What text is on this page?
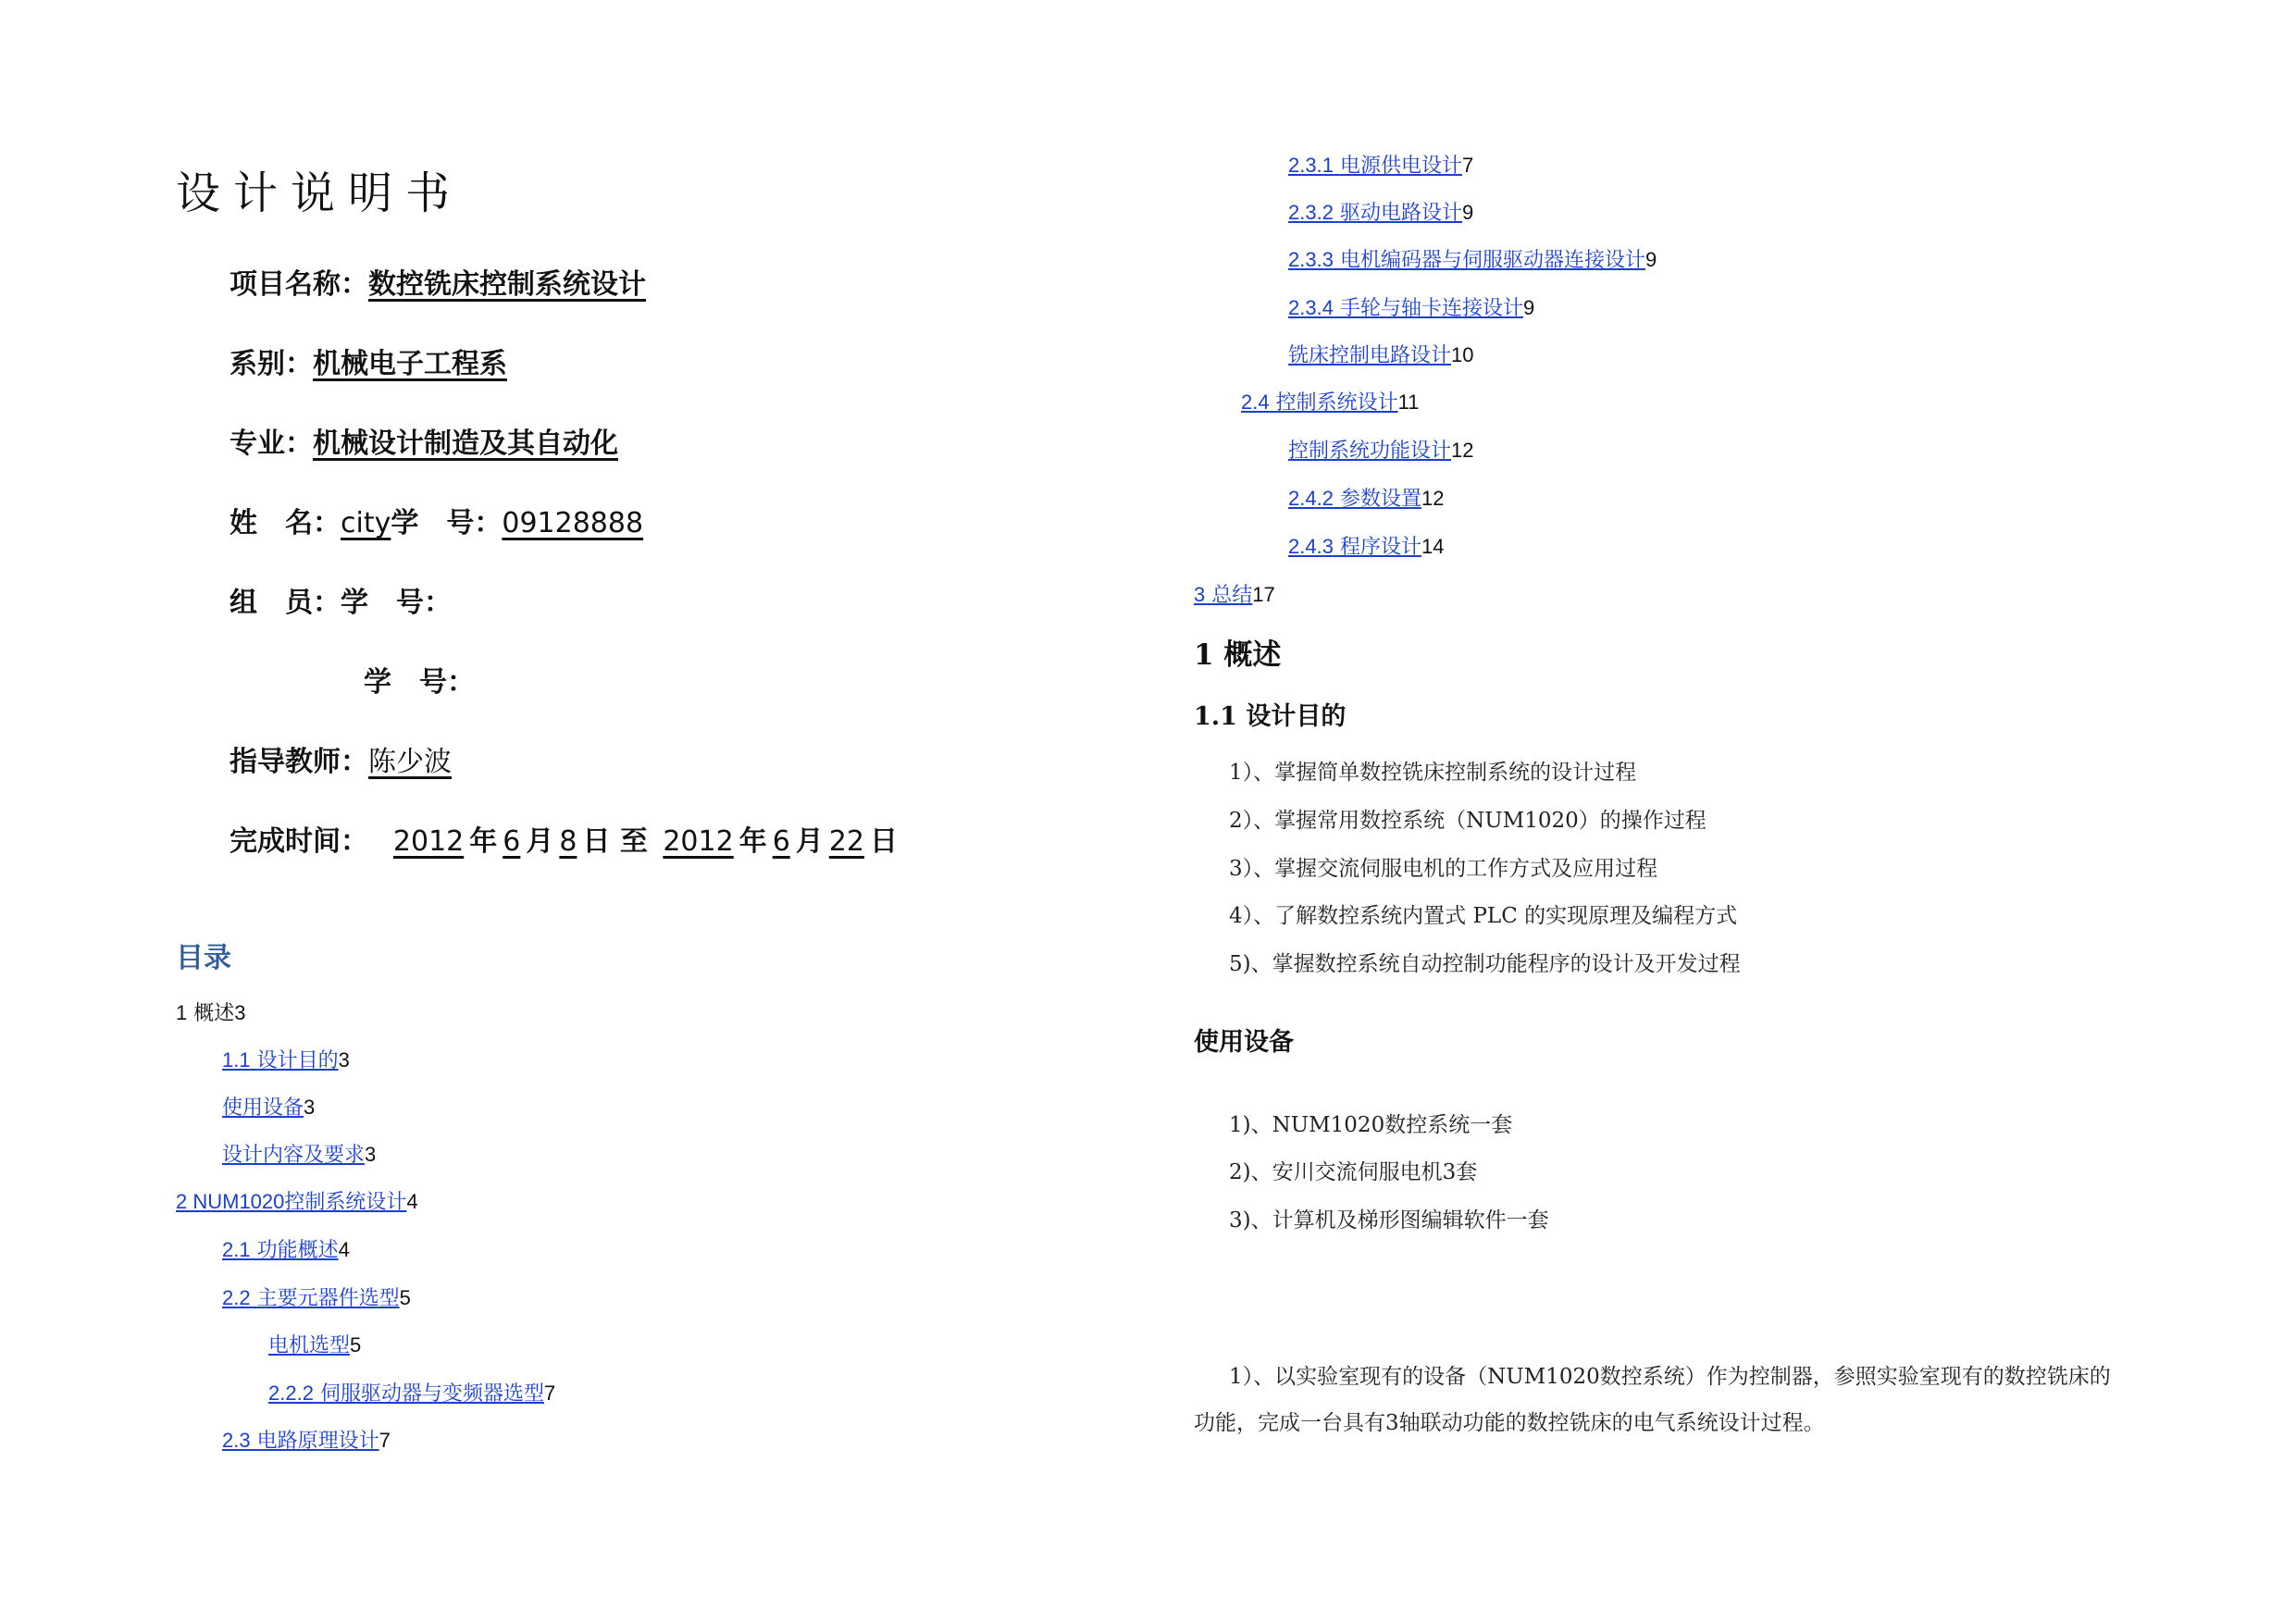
设计说明书
项目名称：数控铣床控制系统设计
系别：机械电子工程系
专业：机械设计制造及其自动化
姓　名：city学　号：09128888
组　员：学　号：
学　号：
指导教师：陈少波
完成时间： 2012 年 6 月 8 日 至 2012 年 6 月 22 日
目录
1 概述3
1.1 设计目的3
使用设备3
设计内容及要求3
2 NUM1020控制系统设计4
2.1 功能概述4
2.2 主要元器件选型5
电机选型5
2.2.2 伺服驱动器与变频器选型7
2.3 电路原理设计7
2.3.1 电源供电设计7
2.3.2 驱动电路设计9
2.3.3 电机编码器与伺服驱动器连接设计9
2.3.4 手轮与轴卡连接设计9
铣床控制电路设计10
2.4 控制系统设计11
控制系统功能设计12
2.4.2 参数设置12
2.4.3 程序设计14
3 总结17
1 概述
1.1 设计目的
1）、掌握简单数控铣床控制系统的设计过程
2）、掌握常用数控系统（NUM1020）的操作过程
3）、掌握交流伺服电机的工作方式及应用过程
4）、了解数控系统内置式 PLC 的实现原理及编程方式
5)、掌握数控系统自动控制功能程序的设计及开发过程
使用设备
1)、NUM1020数控系统一套
2)、安川交流伺服电机3套
3)、计算机及梯形图编辑软件一套
1）、以实验室现有的设备（NUM1020数控系统）作为控制器，参照实验室现有的数控铣床的功能，完成一台具有3轴联动功能的数控铣床的电气系统设计过程。
